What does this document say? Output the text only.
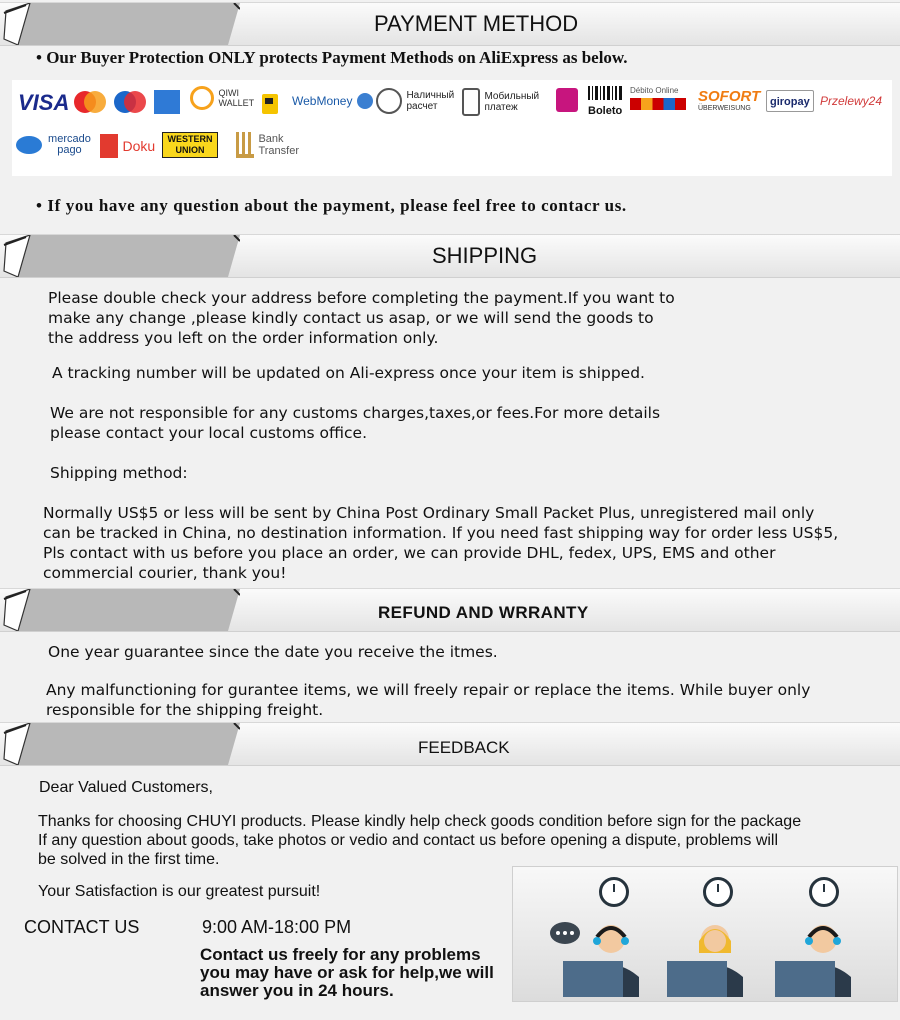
PAYMENT METHOD
• Our Buyer Protection ONLY protects Payment Methods on AliExpress as below.
VISA	QIWI WALLET	WebMoney	Наличный расчет
Мобильный платеж	Boleto
Débito Online	SOFORT
ÜBERWEISUNG
giropay Przelewy24
mercado pago	Doku	WESTERN UNION
Bank Transfer
• If you have any question about the payment, please feel free to contacr us.
SHIPPING
Please double check your address before completing the payment.If you want to
make any change ,please kindly contact us asap, or we will send the goods to
the address you left on the order information only.
A tracking number will be updated on Ali-express once your item is shipped.
We are not responsible for any customs charges,taxes,or fees.For more details
please contact your local customs office.
Shipping method:
Normally US$5 or less will be sent by China Post Ordinary Small Packet Plus, unregistered mail only
can be tracked in China, no destination information. If you need fast shipping way for order less US$5,
Pls contact with us before you place an order, we can provide DHL, fedex, UPS, EMS and other
commercial courier, thank you!
REFUND AND WRRANTY
One year guarantee since the date you receive the itmes.
Any malfunctioning for gurantee items, we will freely repair or replace the items. While buyer only
responsible for the shipping freight.
FEEDBACK
Dear Valued Customers,
Thanks for choosing CHUYI products. Please kindly help check goods condition before sign for the package
If any question about goods, take photos or vedio and contact us before opening a dispute, problems will
be solved in the first time.
Your Satisfaction is our greatest pursuit!
CONTACT US	9:00 AM-18:00 PM
Contact us freely for any problems
you may have or ask for help,we will
answer you in 24 hours.
